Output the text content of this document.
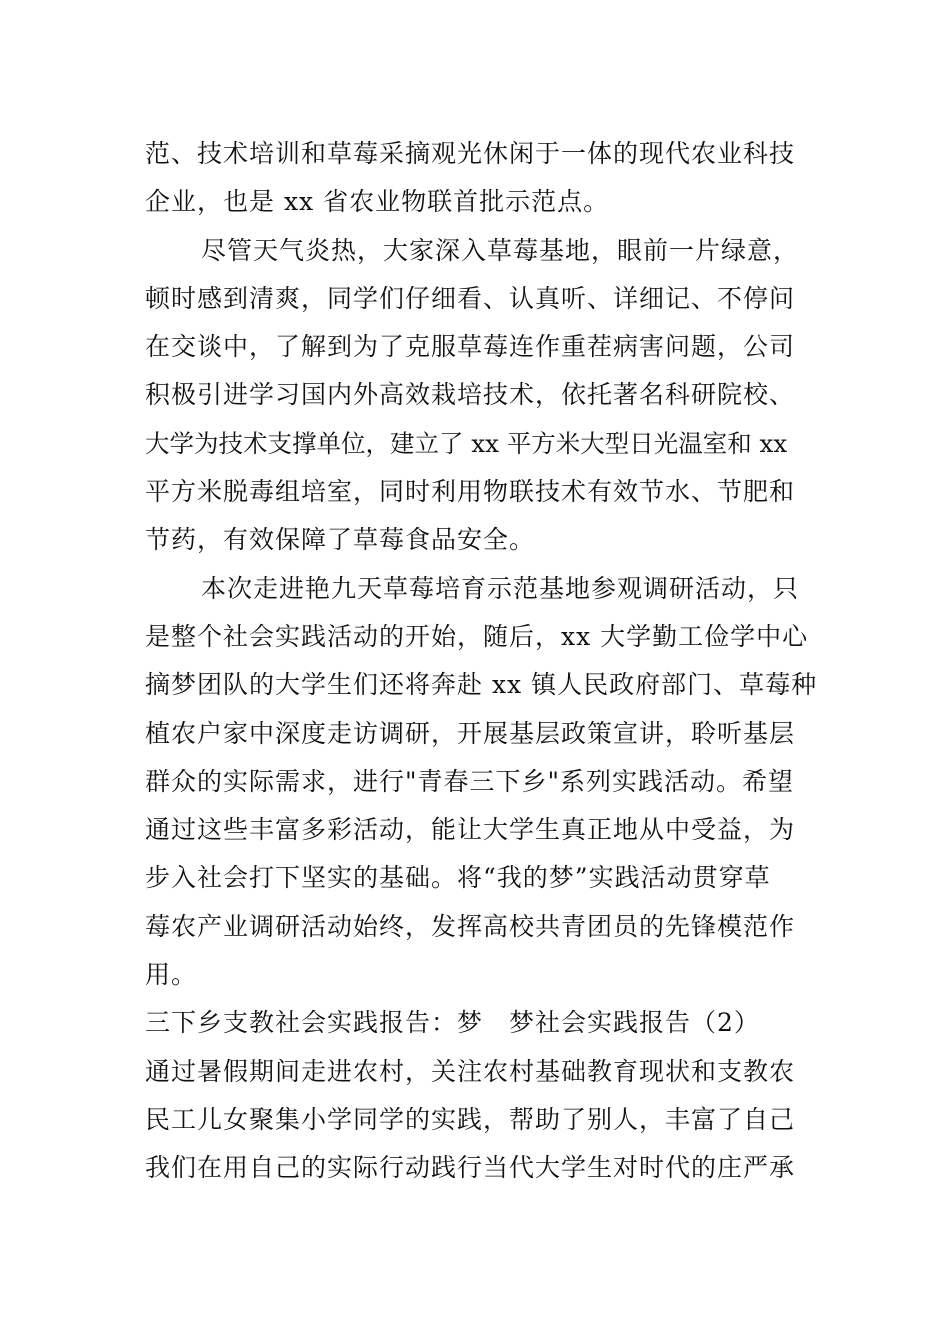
范、技术培训和草莓采摘观光休闲于一体的现代农业科技
企业，也是 xx 省农业物联首批示范点。
尽管天气炎热，大家深入草莓基地，眼前一片绿意，
顿时感到清爽，同学们仔细看、认真听、详细记、不停问
在交谈中，了解到为了克服草莓连作重茬病害问题，公司
积极引进学习国内外高效栽培技术，依托著名科研院校、
大学为技术支撑单位，建立了 xx 平方米大型日光温室和 xx
平方米脱毒组培室，同时利用物联技术有效节水、节肥和
节药，有效保障了草莓食品安全。
本次走进艳九天草莓培育示范基地参观调研活动，只
是整个社会实践活动的开始，随后，xx 大学勤工俭学中心
摘梦团队的大学生们还将奔赴 xx 镇人民政府部门、草莓种
植农户家中深度走访调研，开展基层政策宣讲，聆听基层
群众的实际需求，进行"青春三下乡"系列实践活动。希望
通过这些丰富多彩活动，能让大学生真正地从中受益，为
步入社会打下坚实的基础。将“我的梦”实践活动贯穿草
莓农产业调研活动始终，发挥高校共青团员的先锋模范作
用。
三下乡支教社会实践报告：梦　梦社会实践报告（2）
通过暑假期间走进农村，关注农村基础教育现状和支教农
民工儿女聚集小学同学的实践，帮助了别人，丰富了自己
我们在用自己的实际行动践行当代大学生对时代的庄严承
